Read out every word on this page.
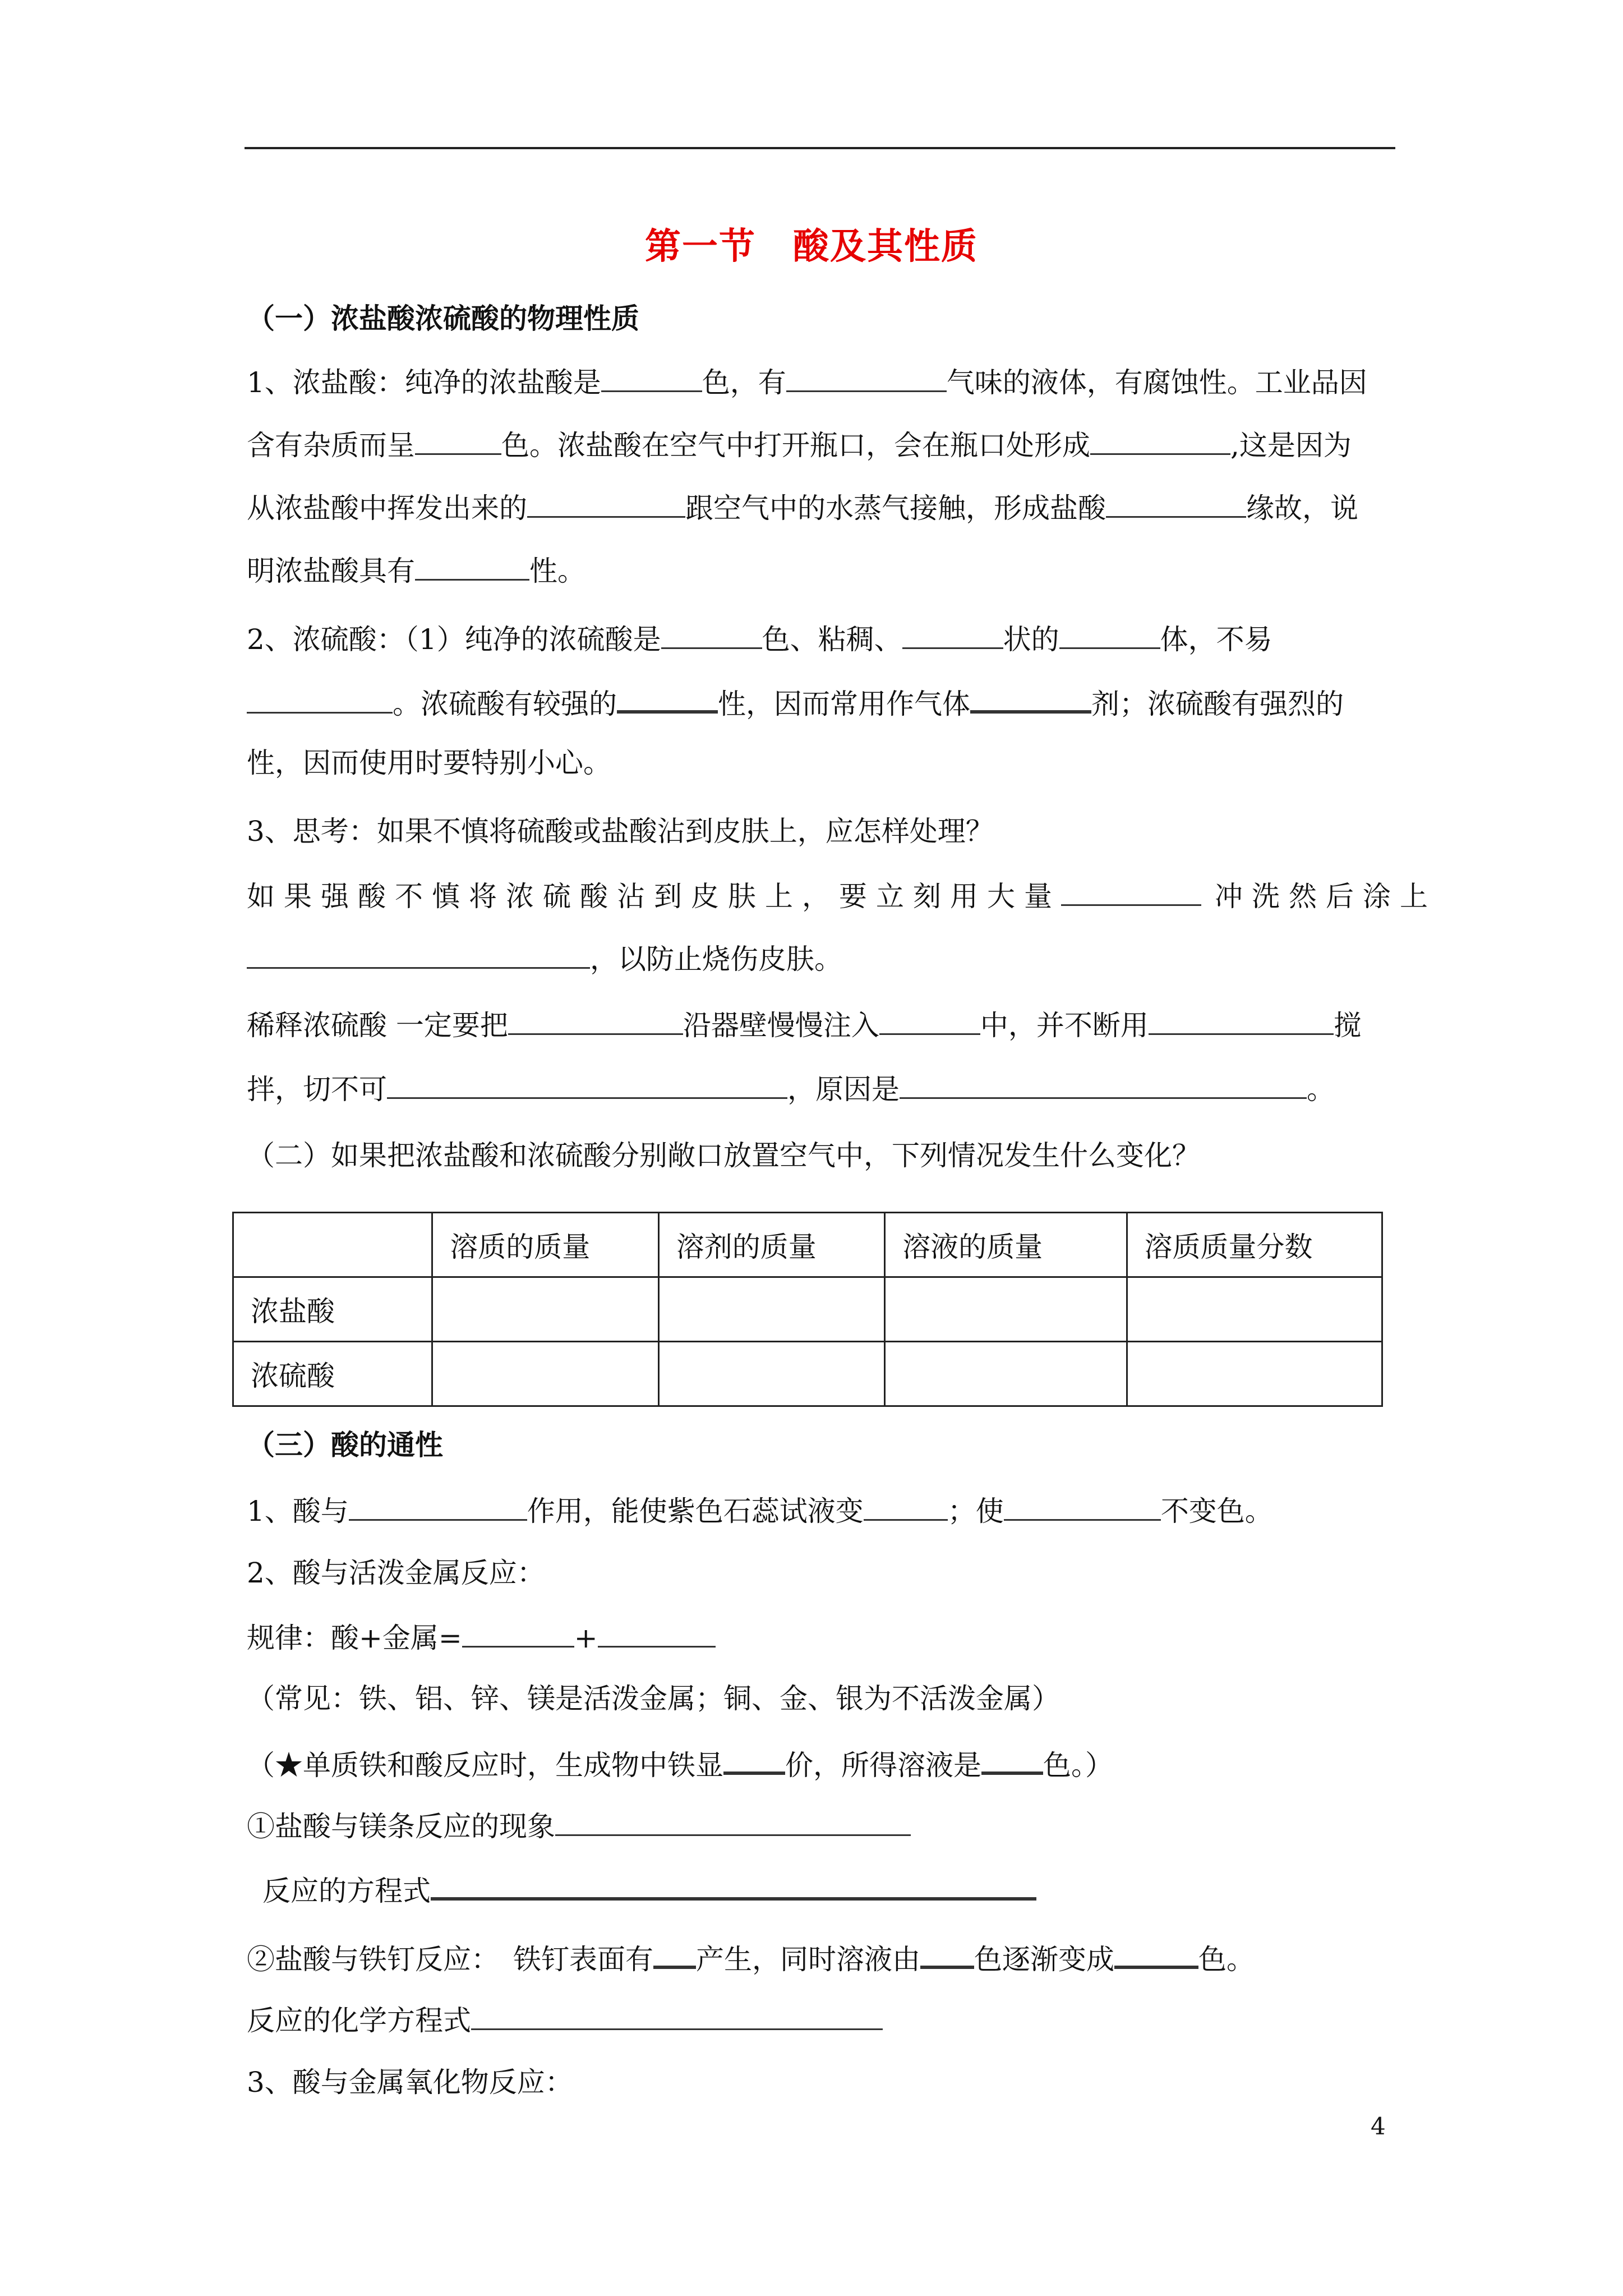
第一节　酸及其性质
（一）浓盐酸浓硫酸的物理性质
1、浓盐酸：纯净的浓盐酸是	色，有	气味的液体，有腐蚀性。工业品因
含有杂质而呈	色。浓盐酸在空气中打开瓶口，会在瓶口处形成	,这是因为
从浓盐酸中挥发出来的	跟空气中的水蒸气接触，形成盐酸	缘故，说
明浓盐酸具有	性。
2、浓硫酸：（1）纯净的浓硫酸是	色、粘稠、	状的	体，不易
。浓硫酸有较强的	性，因而常用作气体	剂；浓硫酸有强烈的
性，因而使用时要特别小心。
3、思考：如果不慎将硫酸或盐酸沾到皮肤上，应怎样处理？
如果强酸不慎将浓硫酸沾到皮肤上，要立刻用大量	冲洗然后涂上
，以防止烧伤皮肤。
稀释浓硫酸 一定要把	沿器壁慢慢注入	中，并不断用	搅
拌，切不可	，原因是	。
（二）如果把浓盐酸和浓硫酸分别敞口放置空气中，下列情况发生什么变化？
	溶质的质量	溶剂的质量	溶液的质量	溶质质量分数
浓盐酸				
浓硫酸				
（三）酸的通性
1、酸与	作用，能使紫色石蕊试液变	；使	不变色。
2、酸与活泼金属反应：
规律：酸+金属=	+
（常见：铁、铝、锌、镁是活泼金属；铜、金、银为不活泼金属）
（★单质铁和酸反应时，生成物中铁显 价，所得溶液是 色。）
①盐酸与镁条反应的现象
反应的方程式
②盐酸与铁钉反应：　铁钉表面有 产生，同时溶液由 色逐渐变成	色。
反应的化学方程式
3、酸与金属氧化物反应：
4
